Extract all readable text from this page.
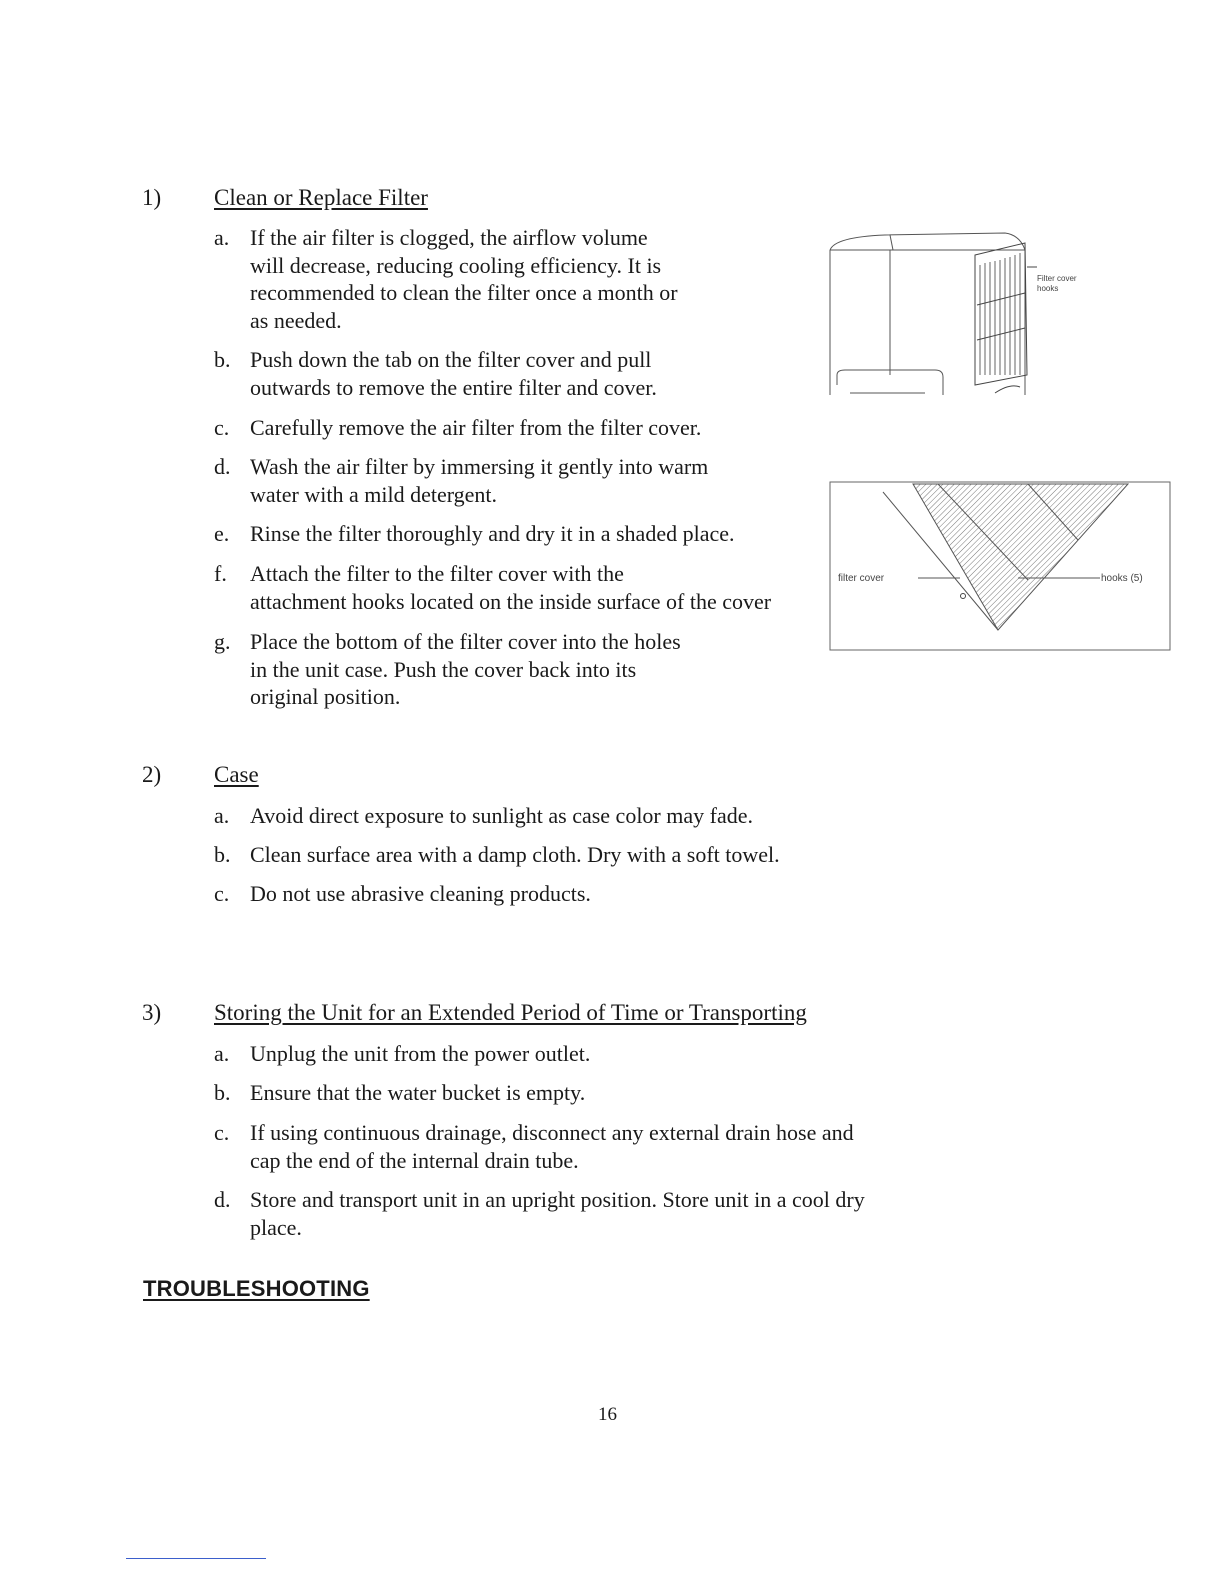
1) Clean or Replace Filter
a. If the air filter is clogged, the airflow volume
will decrease, reducing cooling efficiency. It is
recommended to clean the filter once a month or
as needed.
b. Push down the tab on the filter cover and pull
outwards to remove the entire filter and cover.
c. Carefully remove the air filter from the filter cover.
d. Wash the air filter by immersing it gently into warm
water with a mild detergent.
e. Rinse the filter thoroughly and dry it in a shaded place.
f.	Attach the filter to the filter cover with the
attachment hooks located on the inside surface of the cover
g. Place the bottom of the filter cover into the holes
in the unit case. Push the cover back into its
original position.
Filter cover
hooks
filter cover	hooks (5)
2) Case
a. Avoid direct exposure to sunlight as case color may fade.
b. Clean surface area with a damp cloth. Dry with a soft towel.
c. Do not use abrasive cleaning products.
3) Storing the Unit for an Extended Period of Time or Transporting
a. Unplug the unit from the power outlet.
b. Ensure that the water bucket is empty.
c. If using continuous drainage, disconnect any external drain hose and
cap the end of the internal drain tube.
d. Store and transport unit in an upright position. Store unit in a cool dry
place.
TROUBLESHOOTING
16
